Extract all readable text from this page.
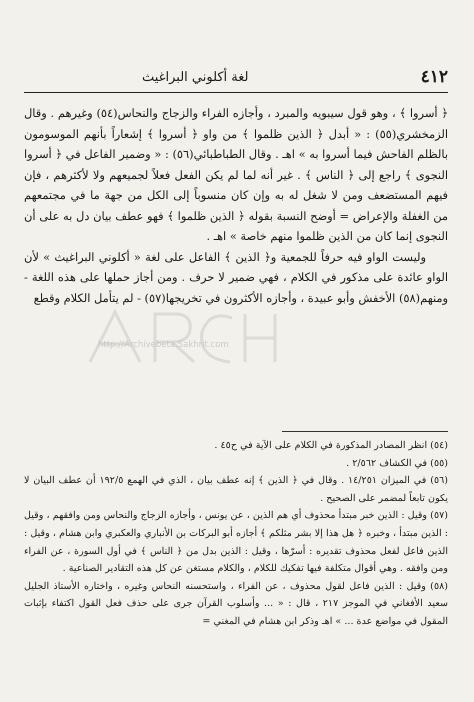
٤١٢
لغة أكلوني البراغيث

﴿ أسروا ﴾ ، وهو قول سيبويه والمبرد ، وأجازه الفراء والزجاج والنحاس(٥٤) وغيرهم . وقال الزمخشري(٥٥) : « أبدل ﴿ الذين ظلموا ﴾ من واو ﴿ أسروا ﴾ إشعاراً بأنهم الموسومون بالظلم الفاحش فيما أسروا به » اهـ . وقال الطباطبائي(٥٦) : « وضمير الفاعل في ﴿ أسروا النجوى ﴾ راجع إلى ﴿ الناس ﴾ . غير أنه لما لم يكن الفعل فعلاً لجميعهم ولا لأكثرهم ، فإن فيهم المستضعف ومن لا شغل له به وإن كان منسوباً إلى الكل من جهة ما في مجتمعهم من الغفلة والإعراض = أوضح النسبة بقوله ﴿ الذين ظلموا ﴾ فهو عطف بيان دل به على أن النجوى إنما كان من الذين ظلموا منهم خاصة » اهـ .

وليست الواو فيه حرفاً للجمعية و﴿ الذين ﴾ الفاعل على لغة « أكلوني البراغيث » لأن الواو عائدة على مذكور في الكلام ، فهي ضمير لا حرف . ومن أجاز حملها على هذه اللغة - ومنهم(٥٨) الأخفش وأبو عبيدة ، وأجازه الأكثرون في تخريجها(٥٧) - لم يتأمل الكلام وقطع

http://Archivebeta.Sakhrit.com

(٥٤) انظر المصادر المذكورة في الكلام على الآية في ح٤٥ .

(٥٥) في الكشاف ٢/٥٦٢ .

(٥٦) في الميزان ١٤/٢٥١ . وقال في ﴿ الذين ﴾ إنه عطف بيان ، الذي في الهمع ١٩٢/٥ أن عطف البيان لا يكون تابعاً لمضمر على الصحيح .

(٥٧) وقيل : الذين خبر مبتدأ محذوف أي هم الذين ، عن يونس ، وأجازه الزجاج والنحاس ومن وافقهم ، وقيل : الذين مبتدأ ، وخبره ﴿ هل هذا إلا بشر مثلكم ﴾ أجازه أبو البركات بن الأنباري والعكبري وابن هشام ، وقيل : الذين فاعل لفعل محذوف تقديره : أسرّها ، وقيل : الذين بدل من ﴿ الناس ﴾ في أول السورة ، عن الفراء ومن وافقه . وهي أقوال متكلفة فيها تفكيك للكلام ، والكلام مستغن عن كل هذه التقادير الصناعية .

(٥٨) وقيل : الذين فاعل لقول محذوف ، عن الفراء ، واستحسنه النحاس وغيره ، واختاره الأستاذ الجليل سعيد الأفغاني في الموجز ٢١٧ ، قال : « ... وأسلوب القرآن جرى على حذف فعل القول اكتفاء بإثبات المقول في مواضع عدة ... » اهـ وذكر ابن هشام في المغني =
